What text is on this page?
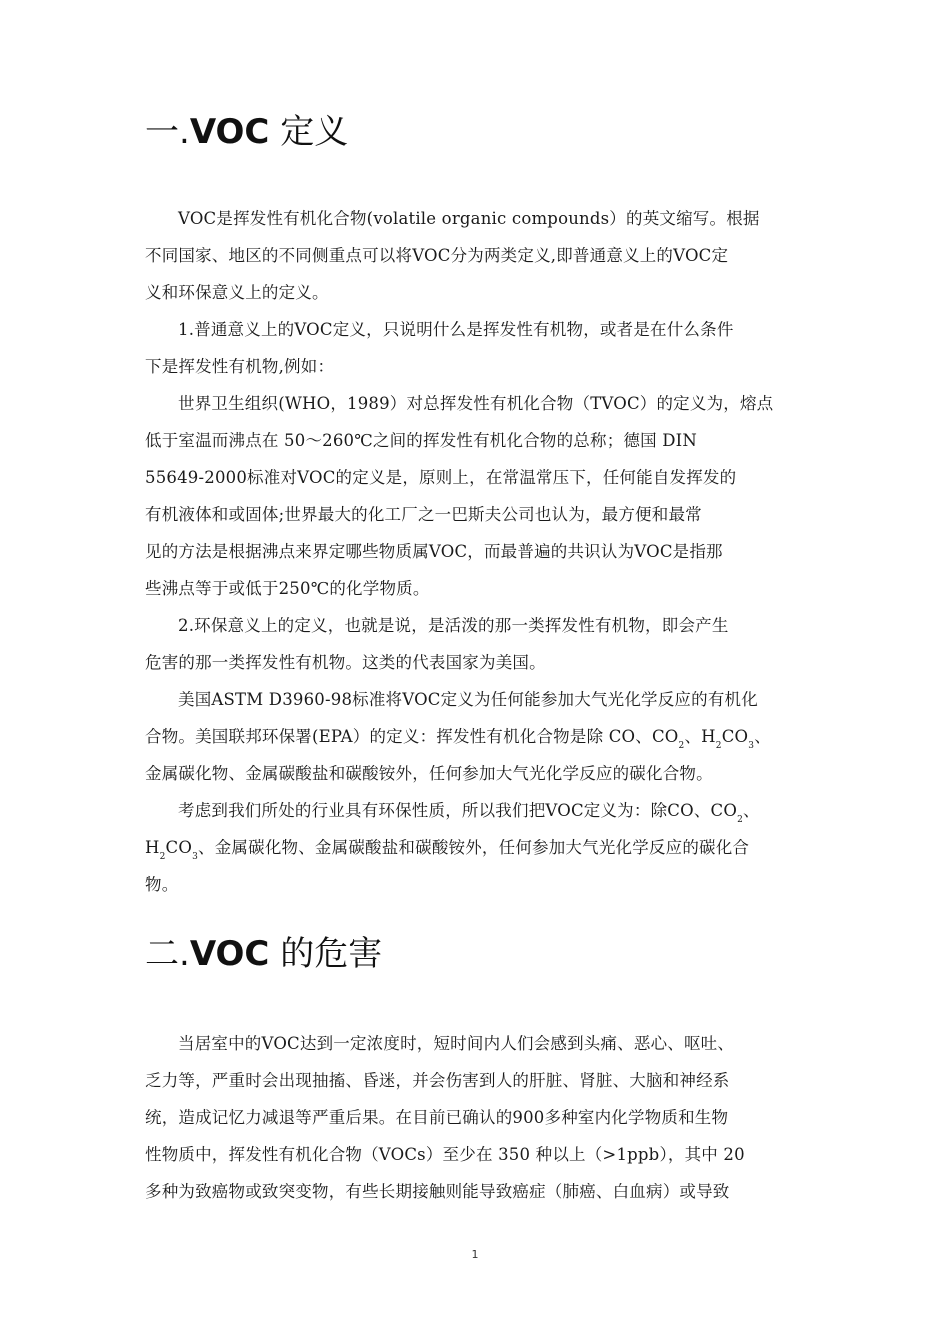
一.VOC 定义
VOC是挥发性有机化合物(volatile organic compounds）的英文缩写。根据
不同国家、地区的不同侧重点可以将VOC分为两类定义,即普通意义上的VOC定
义和环保意义上的定义。
1.普通意义上的VOC定义，只说明什么是挥发性有机物，或者是在什么条件
下是挥发性有机物,例如：
世界卫生组织(WHO，1989）对总挥发性有机化合物（TVOC）的定义为，熔点
低于室温而沸点在 50～260℃之间的挥发性有机化合物的总称；德国 DIN
55649-2000标准对VOC的定义是，原则上，在常温常压下，任何能自发挥发的
有机液体和或固体;世界最大的化工厂之一巴斯夫公司也认为，最方便和最常
见的方法是根据沸点来界定哪些物质属VOC，而最普遍的共识认为VOC是指那
些沸点等于或低于250℃的化学物质。
2.环保意义上的定义，也就是说，是活泼的那一类挥发性有机物，即会产生
危害的那一类挥发性有机物。这类的代表国家为美国。
美国ASTM D3960-98标准将VOC定义为任何能参加大气光化学反应的有机化
合物。美国联邦环保署(EPA）的定义：挥发性有机化合物是除 CO、$CO_2$、$H_2CO_3$、
金属碳化物、金属碳酸盐和碳酸铵外，任何参加大气光化学反应的碳化合物。
考虑到我们所处的行业具有环保性质，所以我们把VOC定义为：除CO、$CO_2$、
$H_2CO_3$、金属碳化物、金属碳酸盐和碳酸铵外，任何参加大气光化学反应的碳化合
物。
二.VOC 的危害
当居室中的VOC达到一定浓度时，短时间内人们会感到头痛、恶心、呕吐、
乏力等，严重时会出现抽搐、昏迷，并会伤害到人的肝脏、肾脏、大脑和神经系
统，造成记忆力减退等严重后果。在目前已确认的900多种室内化学物质和生物
性物质中，挥发性有机化合物（VOCs）至少在 350 种以上（>1ppb），其中 20
多种为致癌物或致突变物，有些长期接触则能导致癌症（肺癌、白血病）或导致
1
